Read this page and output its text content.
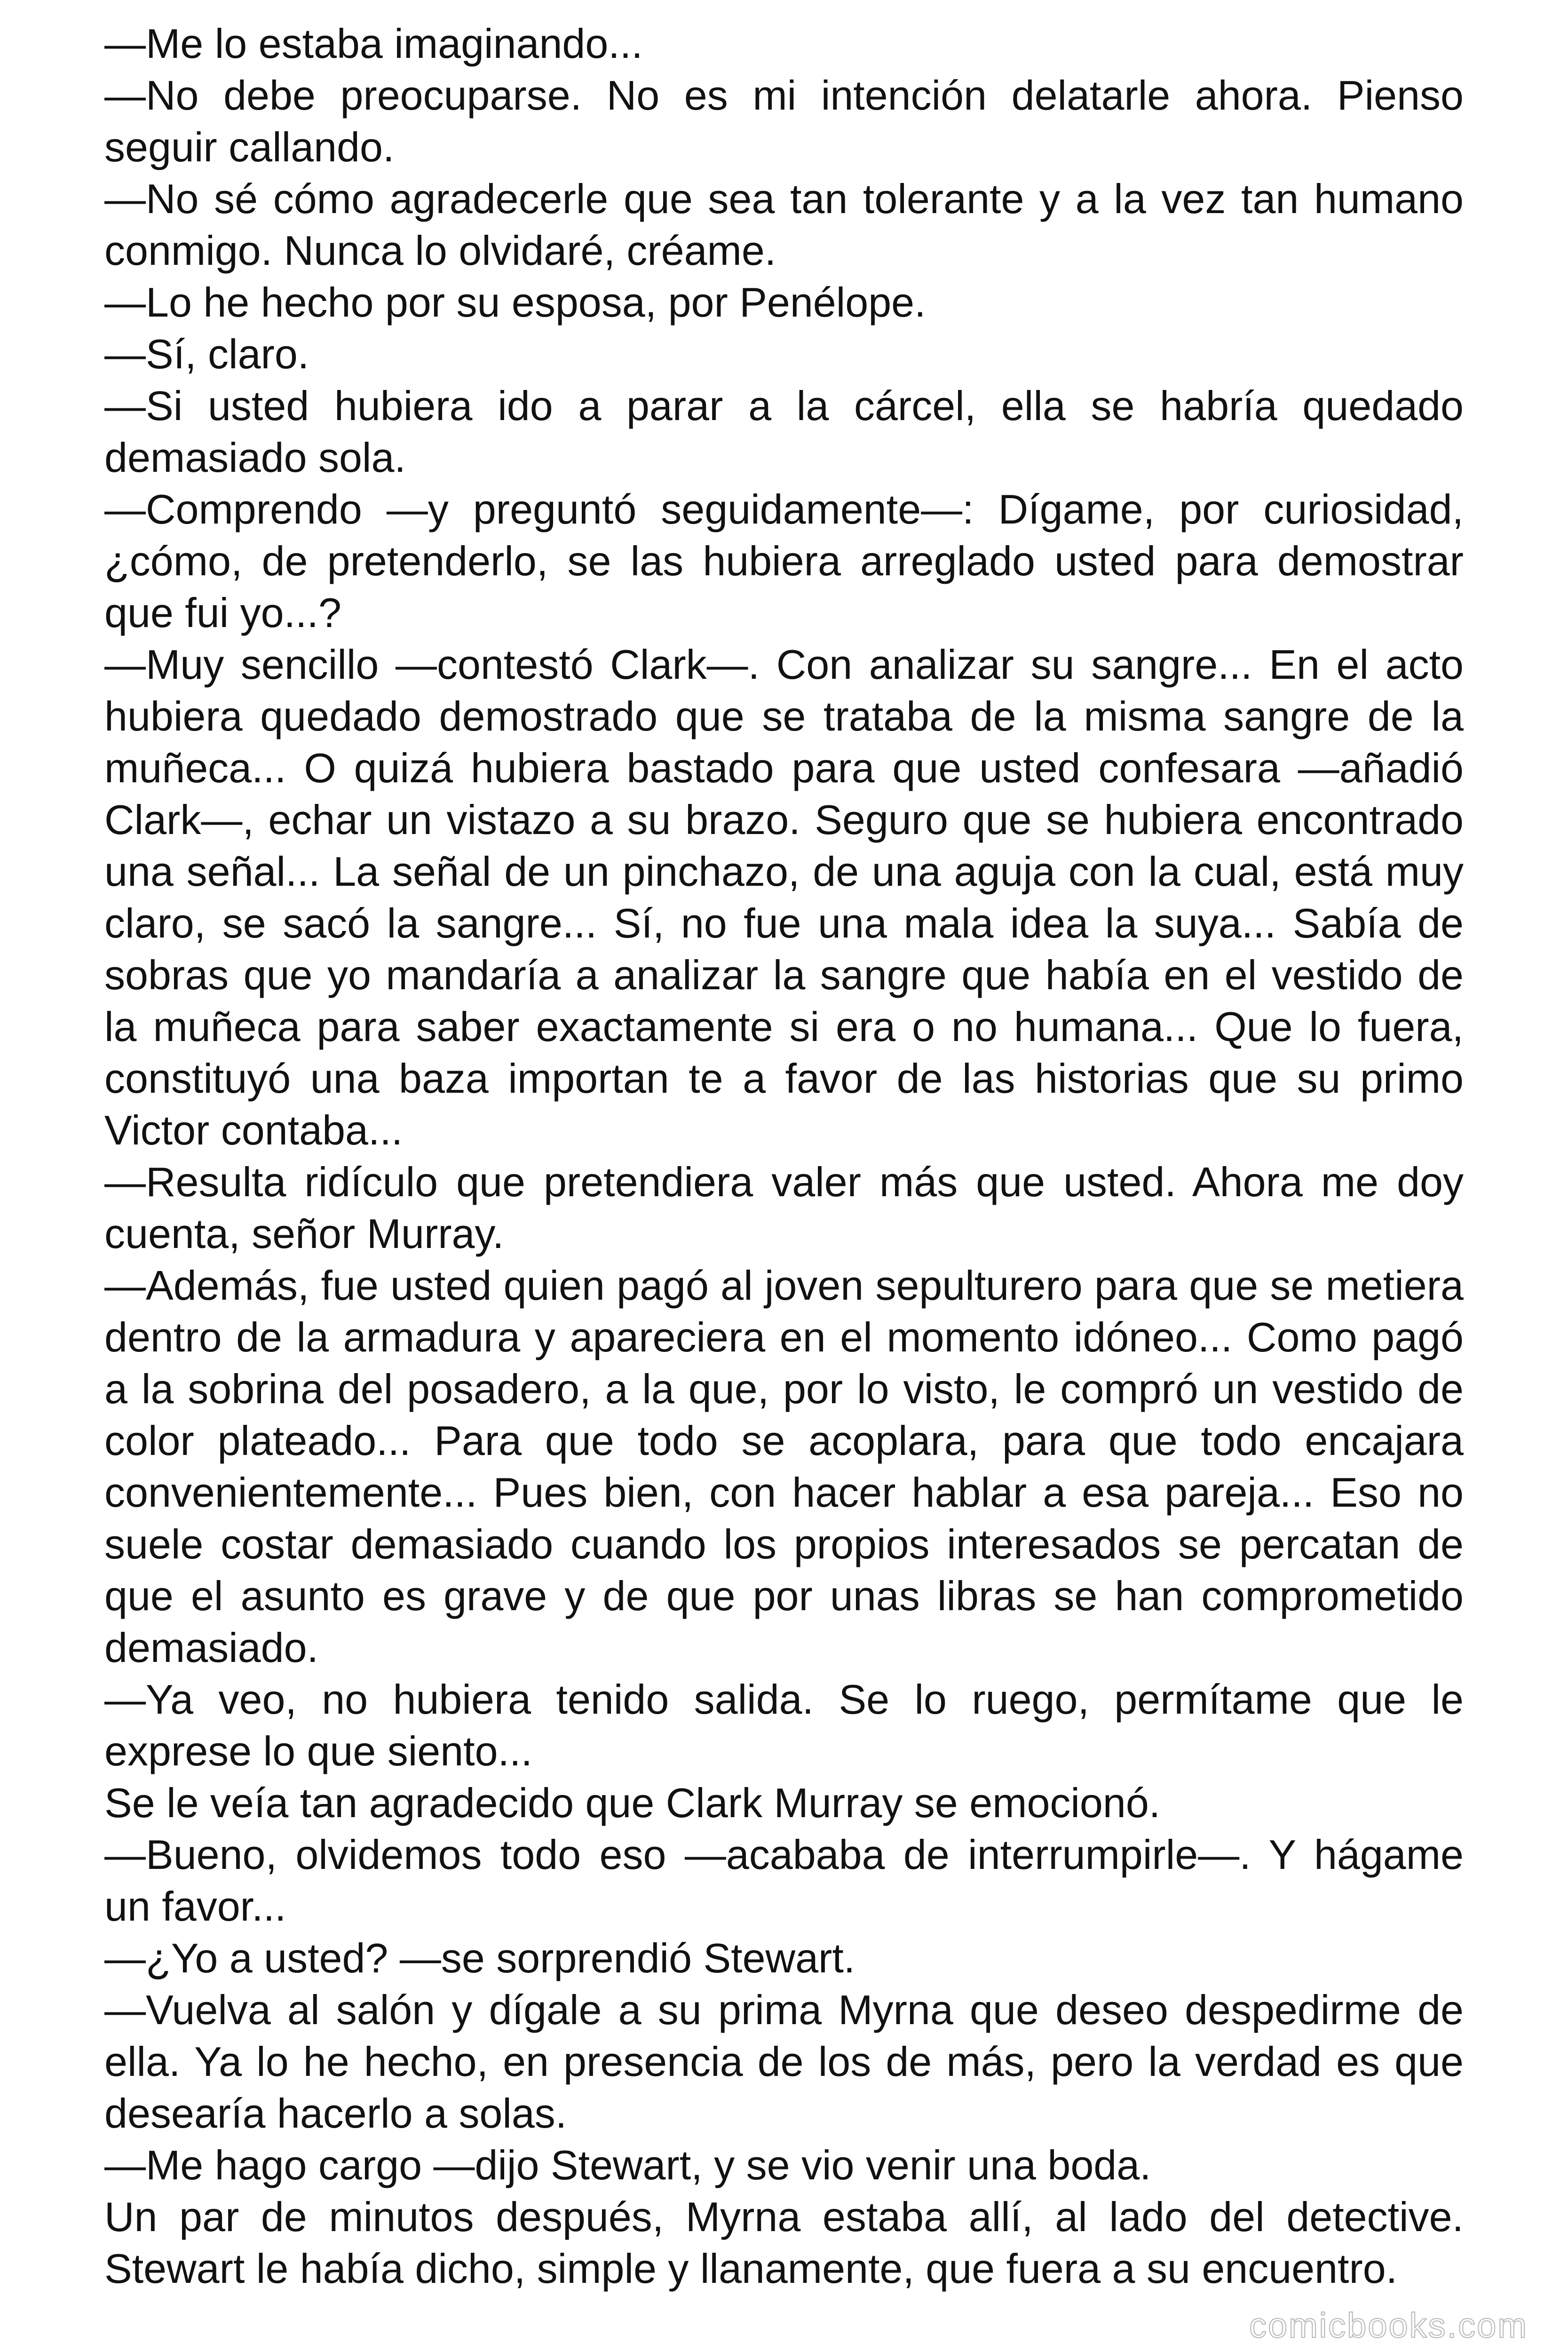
—Me lo estaba imaginando...

—No debe preocuparse. No es mi intención delatarle ahora. Pienso seguir callando.

—No sé cómo agradecerle que sea tan tolerante y a la vez tan humano conmigo. Nunca lo olvidaré, créame.

—Lo he hecho por su esposa, por Penélope.

—Sí, claro.

—Si usted hubiera ido a parar a la cárcel, ella se habría quedado demasiado sola.

—Comprendo —y preguntó seguidamente—: Dígame, por curiosidad, ¿cómo, de pretenderlo, se las hubiera arreglado usted para demostrar que fui yo...?

—Muy sencillo —contestó Clark—. Con analizar su sangre... En el acto hubiera quedado demostrado que se trataba de la misma sangre de la muñeca... O quizá hubiera bastado para que usted confesara —añadió Clark—, echar un vistazo a su brazo. Seguro que se hubiera encontrado una señal... La señal de un pinchazo, de una aguja con la cual, está muy claro, se sacó la sangre... Sí, no fue una mala idea la suya... Sabía de sobras que yo mandaría a analizar la sangre que había en el vestido de la muñeca para saber exactamente si era o no humana... Que lo fuera, constituyó una baza importan te a favor de las historias que su primo Victor contaba...

—Resulta ridículo que pretendiera valer más que usted. Ahora me doy cuenta, señor Murray.

—Además, fue usted quien pagó al joven sepulturero para que se metiera dentro de la armadura y apareciera en el momento idóneo... Como pagó a la sobrina del posadero, a la que, por lo visto, le compró un vestido de color plateado... Para que todo se acoplara, para que todo encajara convenientemente... Pues bien, con hacer hablar a esa pareja... Eso no suele costar demasiado cuando los propios interesados se percatan de que el asunto es grave y de que por unas libras se han comprometido demasiado.

—Ya veo, no hubiera tenido salida. Se lo ruego, permítame que le exprese lo que siento...

Se le veía tan agradecido que Clark Murray se emocionó.

—Bueno, olvidemos todo eso —acababa de interrumpirle—. Y hágame un favor...

—¿Yo a usted? —se sorprendió Stewart.

—Vuelva al salón y dígale a su prima Myrna que deseo despedirme de ella. Ya lo he hecho, en presencia de los de más, pero la verdad es que desearía hacerlo a solas.

—Me hago cargo —dijo Stewart, y se vio venir una boda.

Un par de minutos después, Myrna estaba allí, al lado del detective. Stewart le había dicho, simple y llanamente, que fuera a su encuentro.

comicbooks.com
